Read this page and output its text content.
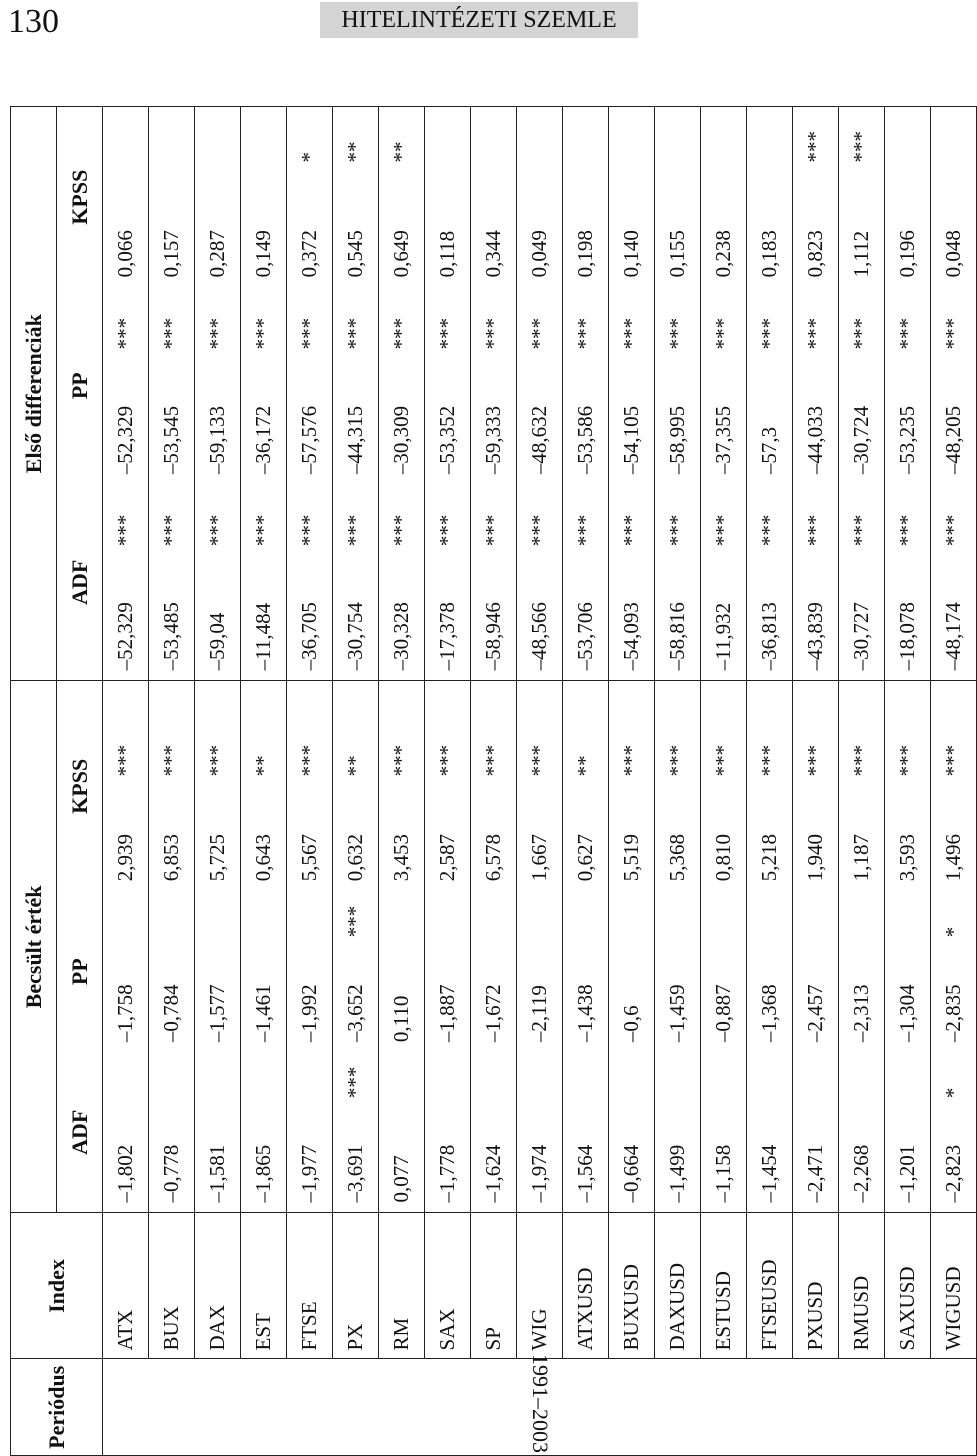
130	HITELINTÉZETI SZEMLE
Periódus	Index	Becsült érték						Első differenciák					
		ADF		PP		KPSS		ADF		PP		KPSS	
1991–2003	ATX	–1,802		–1,758		2,939	***	–52,329	***	–52,329	***	0,066	
	BUX	–0,778		–0,784		6,853	***	–53,485	***	–53,545	***	0,157	
	DAX	–1,581		–1,577		5,725	***	–59,04	***	–59,133	***	0,287	
	EST	–1,865		–1,461		0,643	**	–11,484	***	–36,172	***	0,149	
	FTSE	–1,977		–1,992		5,567	***	–36,705	***	–57,576	***	0,372	*
	PX	–3,691	***	–3,652	***	0,632	**	–30,754	***	–44,315	***	0,545	**
	RM	0,077		0,110		3,453	***	–30,328	***	–30,309	***	0,649	**
	SAX	–1,778		–1,887		2,587	***	–17,378	***	–53,352	***	0,118	
	SP	–1,624		–1,672		6,578	***	–58,946	***	–59,333	***	0,344	
	WIG	–1,974		–2,119		1,667	***	–48,566	***	–48,632	***	0,049	
	ATXUSD	–1,564		–1,438		0,627	**	–53,706	***	–53,586	***	0,198	
	BUXUSD	–0,664		–0,6		5,519	***	–54,093	***	–54,105	***	0,140	
	DAXUSD	–1,499		–1,459		5,368	***	–58,816	***	–58,995	***	0,155	
	ESTUSD	–1,158		–0,887		0,810	***	–11,932	***	–37,355	***	0,238	
	FTSEUSD	–1,454		–1,368		5,218	***	–36,813	***	–57,3	***	0,183	
	PXUSD	–2,471		–2,457		1,940	***	–43,839	***	–44,033	***	0,823	***
	RMUSD	–2,268		–2,313		1,187	***	–30,727	***	–30,724	***	1,112	***
	SAXUSD	–1,201		–1,304		3,593	***	–18,078	***	–53,235	***	0,196	
	WIGUSD	–2,823	*	–2,835	*	1,496	***	–48,174	***	–48,205	***	0,048	
